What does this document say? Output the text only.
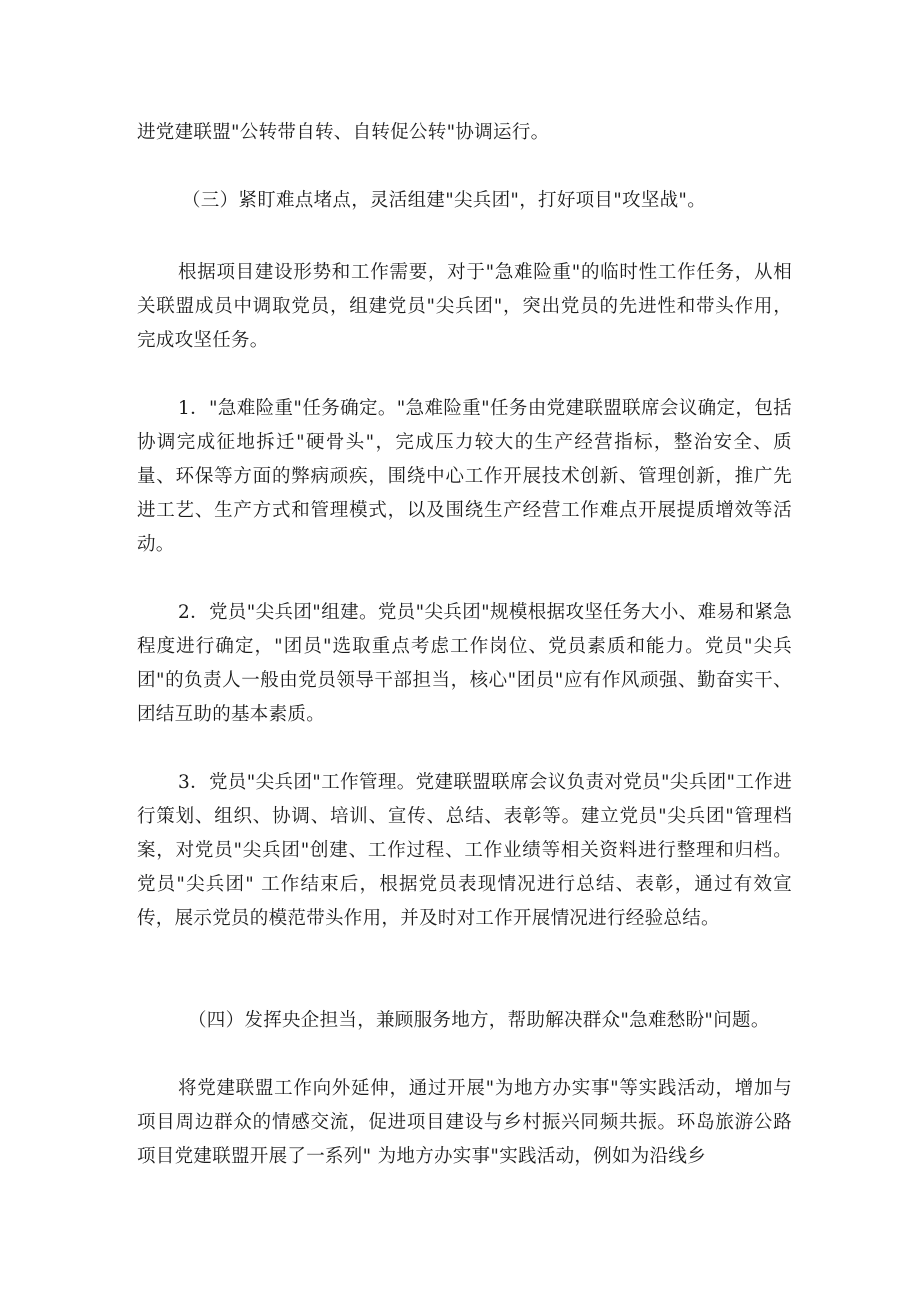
进党建联盟"公转带自转、自转促公转"协调运行。

（三）紧盯难点堵点，灵活组建"尖兵团"，打好项目"攻坚战"。

根据项目建设形势和工作需要，对于"急难险重"的临时性工作任务，从相关联盟成员中调取党员，组建党员"尖兵团"，突出党员的先进性和带头作用，完成攻坚任务。

1．"急难险重"任务确定。"急难险重"任务由党建联盟联席会议确定，包括协调完成征地拆迁"硬骨头"，完成压力较大的生产经营指标，整治安全、质量、环保等方面的弊病顽疾，围绕中心工作开展技术创新、管理创新，推广先进工艺、生产方式和管理模式，以及围绕生产经营工作难点开展提质增效等活动。

2．党员"尖兵团"组建。党员"尖兵团"规模根据攻坚任务大小、难易和紧急程度进行确定，"团员"选取重点考虑工作岗位、党员素质和能力。党员"尖兵团"的负责人一般由党员领导干部担当，核心"团员"应有作风顽强、勤奋实干、团结互助的基本素质。

3．党员"尖兵团"工作管理。党建联盟联席会议负责对党员"尖兵团"工作进行策划、组织、协调、培训、宣传、总结、表彰等。建立党员"尖兵团"管理档案，对党员"尖兵团"创建、工作过程、工作业绩等相关资料进行整理和归档。党员"尖兵团" 工作结束后，根据党员表现情况进行总结、表彰，通过有效宣传，展示党员的模范带头作用，并及时对工作开展情况进行经验总结。

（四）发挥央企担当，兼顾服务地方，帮助解决群众"急难愁盼"问题。

将党建联盟工作向外延伸，通过开展"为地方办实事"等实践活动，增加与项目周边群众的情感交流，促进项目建设与乡村振兴同频共振。环岛旅游公路项目党建联盟开展了一系列" 为地方办实事"实践活动，例如为沿线乡
